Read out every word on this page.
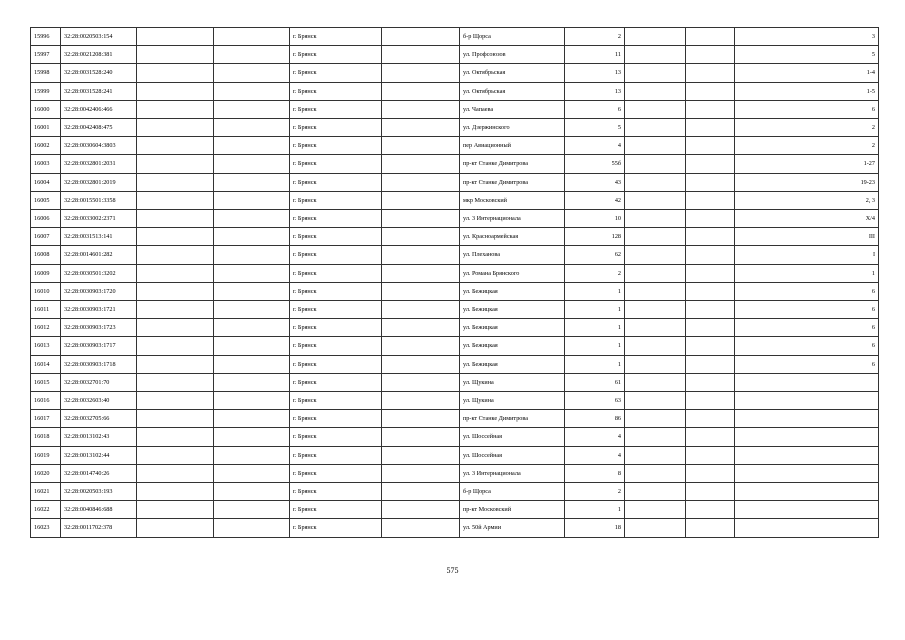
15996	32:28:0020503:154			г. Брянск		б-р Щорса	2			3
15997	32:28:0021208:381			г. Брянск		ул. Профсоюзов	11			5
15998	32:28:0031528:240			г. Брянск		ул. Октябрьская	13			1-4
15999	32:28:0031528:241			г. Брянск		ул. Октябрьская	13			1-5
16000	32:28:0042406:466			г. Брянск		ул. Чапаева	6			6
16001	32:28:0042408:475			г. Брянск		ул. Дзержинского	5			2
16002	32:28:0030604:3803			г. Брянск		пер Авиационный	4			2
16003	32:28:0032801:2031			г. Брянск		пр-кт Станке Димитрова	55б			1-27
16004	32:28:0032801:2019			г. Брянск		пр-кт Станке Димитрова	43			19-23
16005	32:28:0015501:3358			г. Брянск		мкр Московский	42			2, 3
16006	32:28:0033002:2371			г. Брянск		ул. 3 Интернационала	10			X/4
16007	32:28:0031513:141			г. Брянск		ул. Красноармейская	128			III
16008	32:28:0014601:282			г. Брянск		ул. Плеханова	62			I
16009	32:28:0030501:3202			г. Брянск		ул. Романа Брянского	2			1
16010	32:28:0030903:1720			г. Брянск		ул. Бежицкая	1			6
16011	32:28:0030903:1721			г. Брянск		ул. Бежицкая	1			6
16012	32:28:0030903:1723			г. Брянск		ул. Бежицкая	1			6
16013	32:28:0030903:1717			г. Брянск		ул. Бежицкая	1			6
16014	32:28:0030903:1718			г. Брянск		ул. Бежицкая	1			6
16015	32:28:0032701:70			г. Брянск		ул. Щукина	61			
16016	32:28:0032603:40			г. Брянск		ул. Щукина	63			
16017	32:28:0032705:66			г. Брянск		пр-кт Станке Димитрова	86			
16018	32:28:0013102:43			г. Брянск		ул. Шоссейная	4			
16019	32:28:0013102:44			г. Брянск		ул. Шоссейная	4			
16020	32:28:0014740:26			г. Брянск		ул. 3 Интернационала	8			
16021	32:28:0020503:193			г. Брянск		б-р Щорса	2			
16022	32:28:0040846:688			г. Брянск		пр-кт Московский	1			
16023	32:28:0011702:378			г. Брянск		ул. 50й Армии	18			
575
